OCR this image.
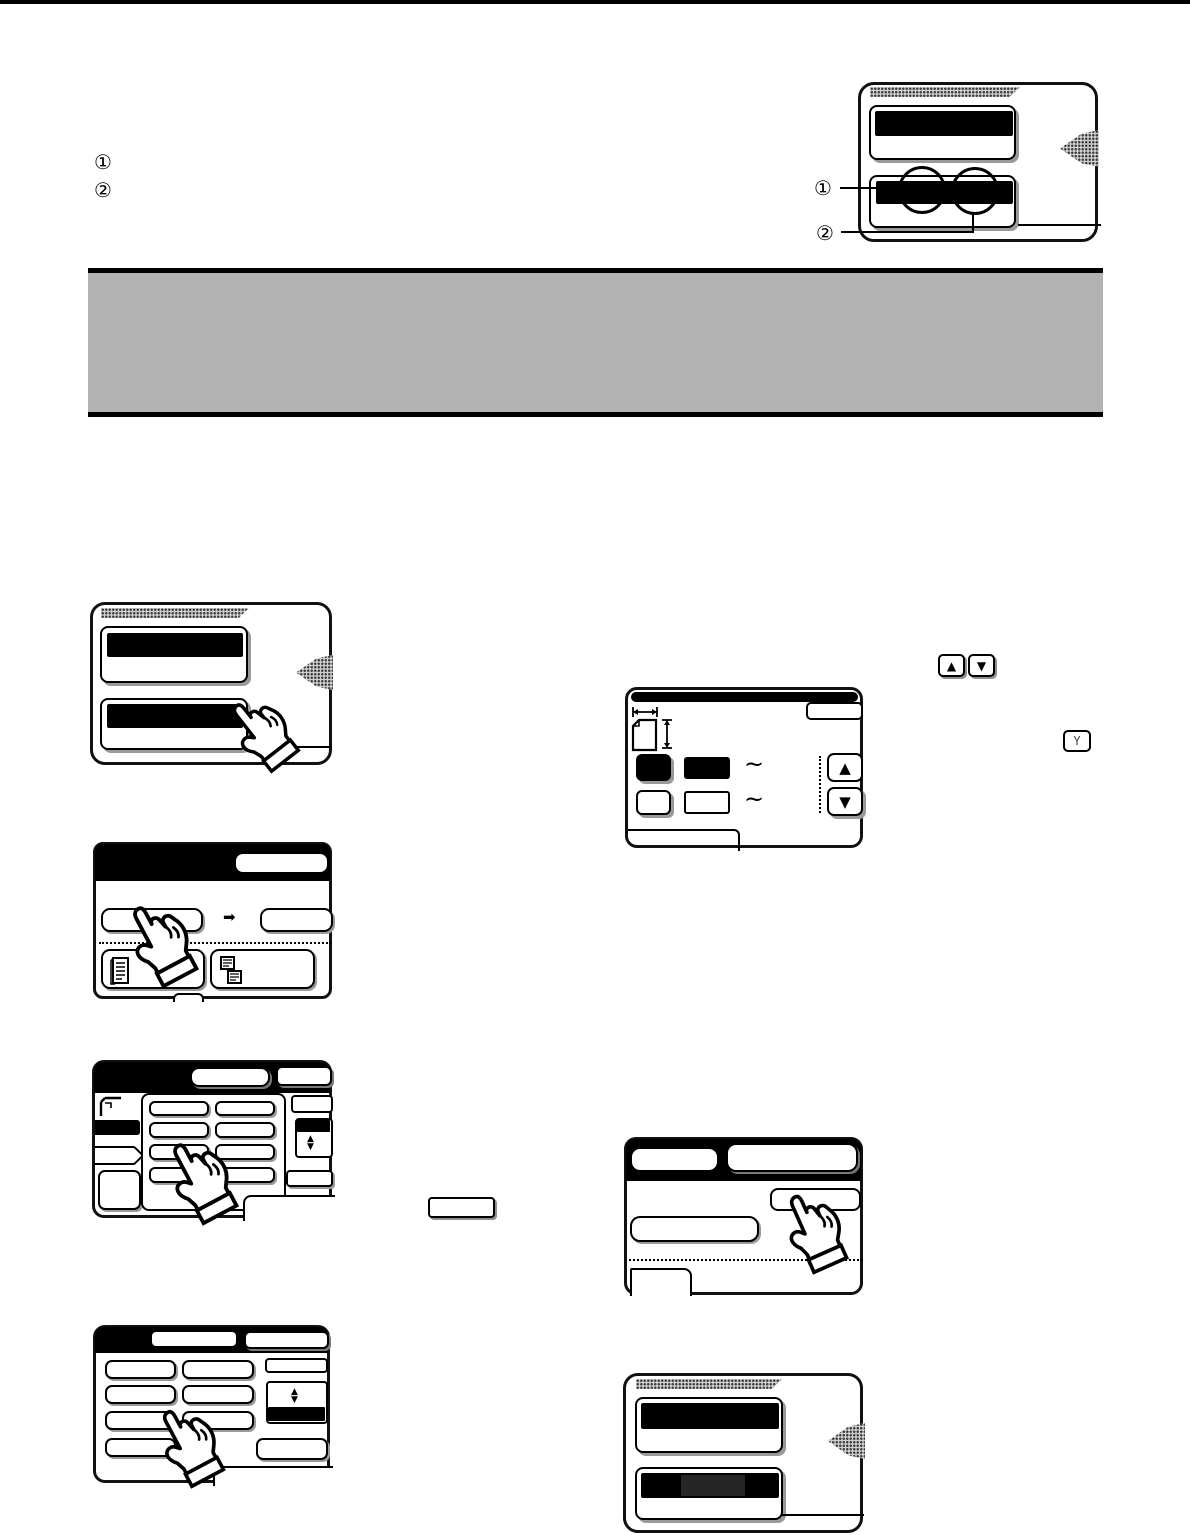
①
②	①
②
➡
~
~
▲
▼
▲ ▼
Y
▲
▼
▲
▼
